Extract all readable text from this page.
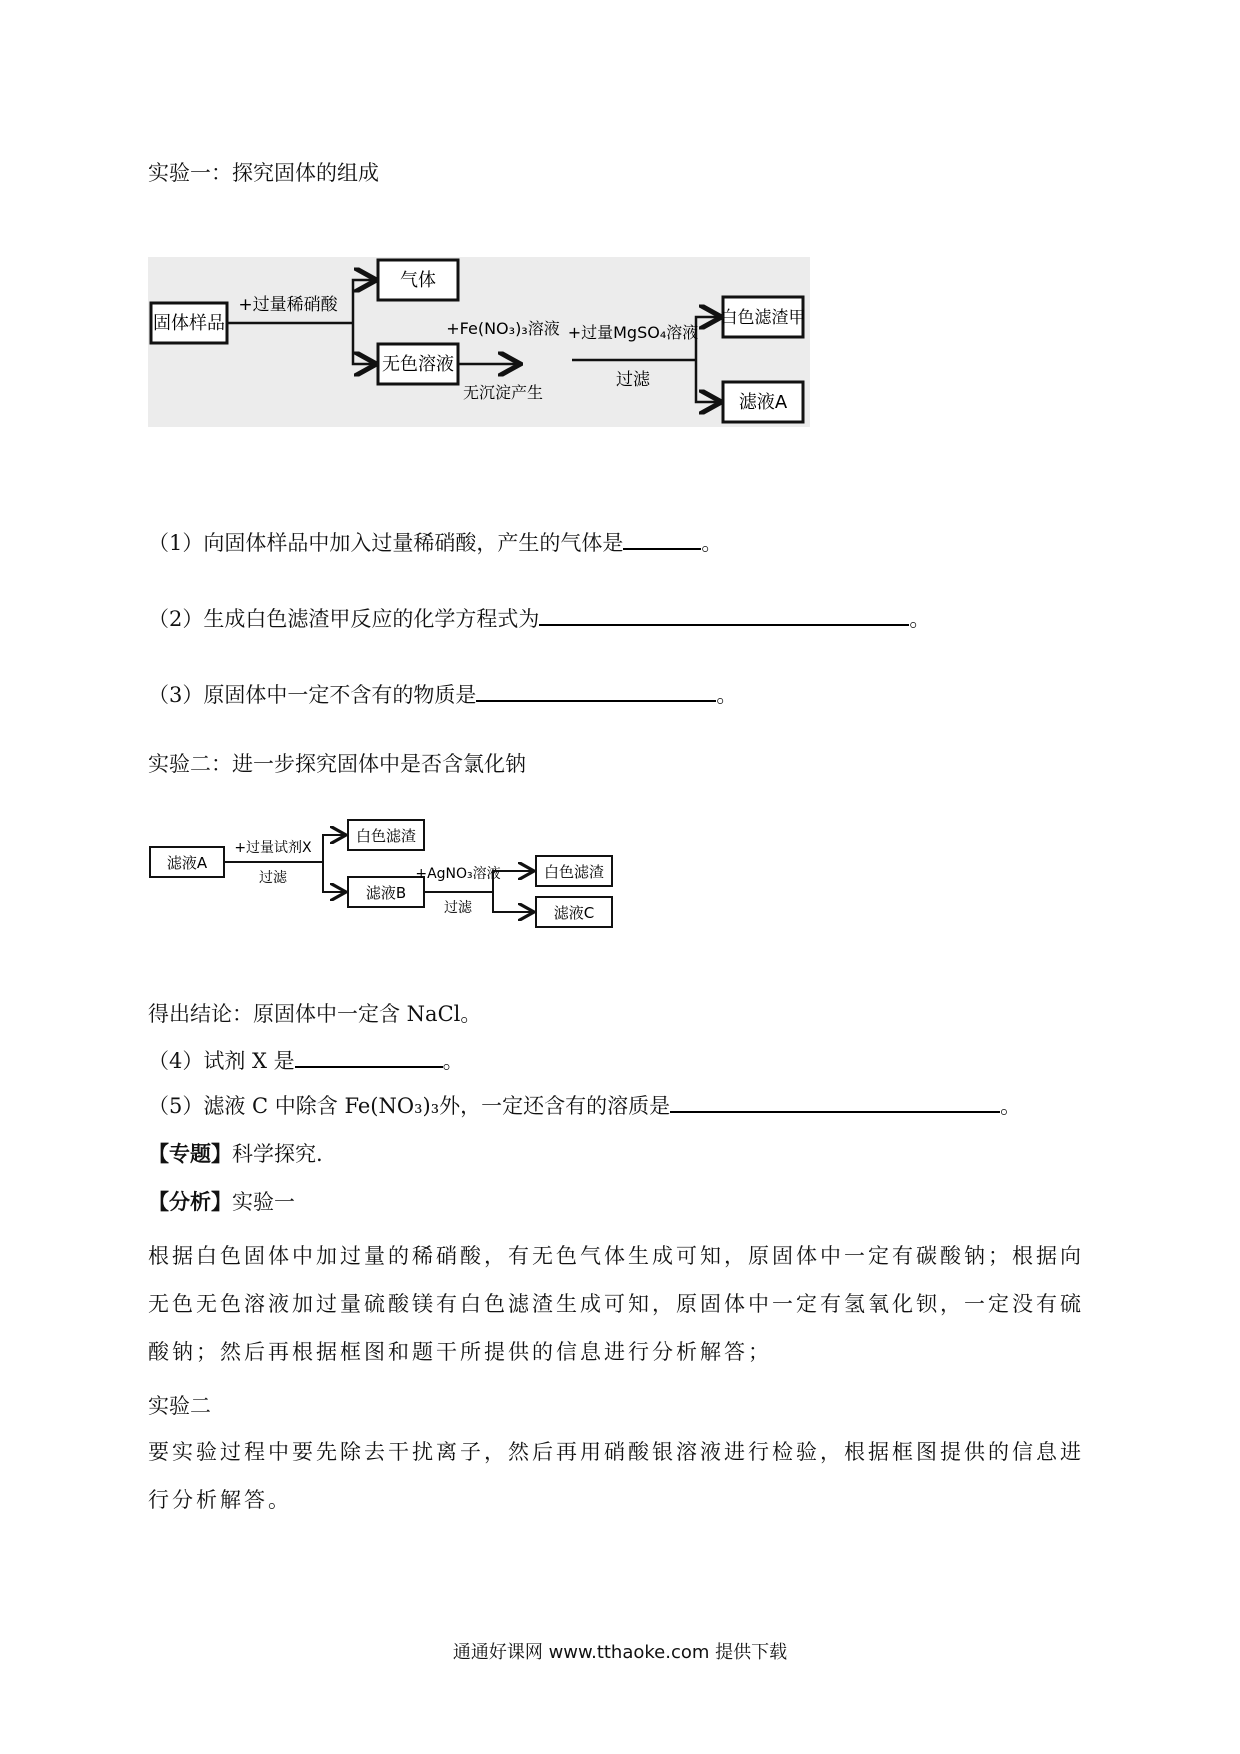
实验一：探究固体的组成
固体样品
气体
无色溶液
白色滤渣甲
滤液A
+过量稀硝酸
+Fe(NO₃)₃溶液
无沉淀产生
+过量MgSO₄溶液
过滤
（1）向固体样品中加入过量稀硝酸，产生的气体是	。
（2）生成白色滤渣甲反应的化学方程式为	。
（3）原固体中一定不含有的物质是	。
实验二：进一步探究固体中是否含氯化钠
滤液A
+过量试剂X
过滤
白色滤渣
滤液B
+AgNO₃溶液
过滤
白色滤渣
滤液C
得出结论：原固体中一定含 NaCl。
（4）试剂 X 是	。
（5）滤液 C 中除含 Fe(NO₃)₃外，一定还含有的溶质是	。
【专题】科学探究.
【分析】实验一
根据白色固体中加过量的稀硝酸，有无色气体生成可知，原固体中一定有碳酸钠；根据向无色无色溶液加过量硫酸镁有白色滤渣生成可知，原固体中一定有氢氧化钡，一定没有硫酸钠；然后再根据框图和题干所提供的信息进行分析解答；
实验二
要实验过程中要先除去干扰离子，然后再用硝酸银溶液进行检验，根据框图提供的信息进行分析解答。
通通好课网 www.tthaoke.com 提供下载
